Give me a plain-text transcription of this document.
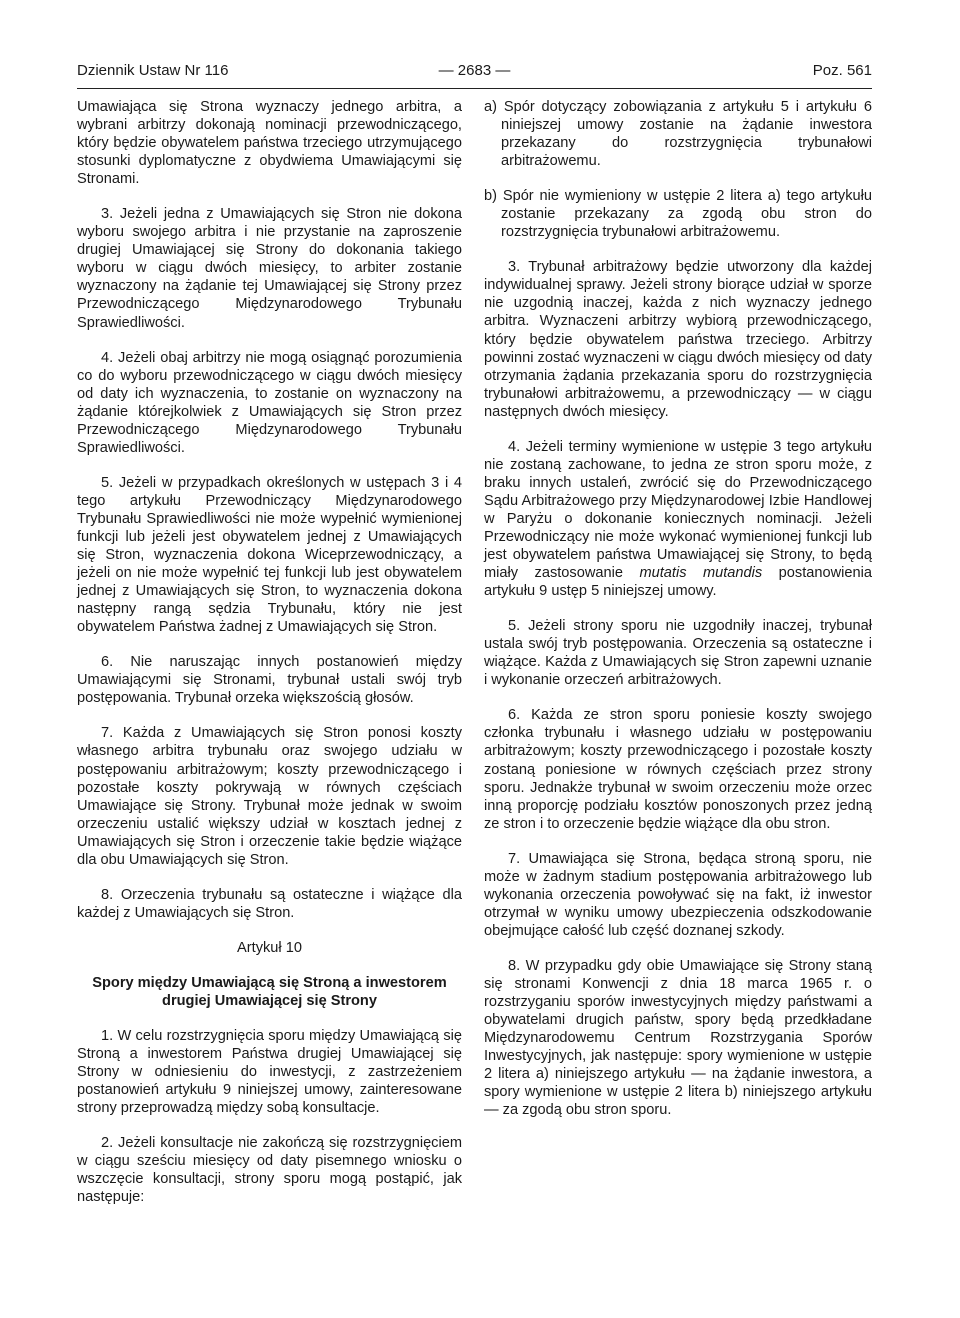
— 2683 —
Dziennik Ustaw Nr 116	Poz. 561

Umawiająca się Strona wyznaczy jednego arbitra, a wybrani arbitrzy dokonają nominacji przewodniczącego, który będzie obywatelem państwa trzeciego utrzymującego stosunki dyplomatyczne z obydwiema Umawiającymi się Stronami.

3. Jeżeli jedna z Umawiających się Stron nie dokona wyboru swojego arbitra i nie przystanie na zaproszenie drugiej Umawiającej się Strony do dokonania takiego wyboru w ciągu dwóch miesięcy, to arbiter zostanie wyznaczony na żądanie tej Umawiającej się Strony przez Przewodniczącego Międzynarodowego Trybunału Sprawiedliwości.

4. Jeżeli obaj arbitrzy nie mogą osiągnąć porozumienia co do wyboru przewodniczącego w ciągu dwóch miesięcy od daty ich wyznaczenia, to zostanie on wyznaczony na żądanie którejkolwiek z Umawiających się Stron przez Przewodniczącego Międzynarodowego Trybunału Sprawiedliwości.

5. Jeżeli w przypadkach określonych w ustępach 3 i 4 tego artykułu Przewodniczący Międzynarodowego Trybunału Sprawiedliwości nie może wypełnić wymienionej funkcji lub jeżeli jest obywatelem jednej z Umawiających się Stron, wyznaczenia dokona Wiceprzewodniczący, a jeżeli on nie może wypełnić tej funkcji lub jest obywatelem jednej z Umawiających się Stron, to wyznaczenia dokona następny rangą sędzia Trybunału, który nie jest obywatelem Państwa żadnej z Umawiających się Stron.

6. Nie naruszając innych postanowień między Umawiającymi się Stronami, trybunał ustali swój tryb postępowania. Trybunał orzeka większością głosów.

7. Każda z Umawiających się Stron ponosi koszty własnego arbitra trybunału oraz swojego udziału w postępowaniu arbitrażowym; koszty przewodniczącego i pozostałe koszty pokrywają w równych częściach Umawiające się Strony. Trybunał może jednak w swoim orzeczeniu ustalić większy udział w kosztach jednej z Umawiających się Stron i orzeczenie takie będzie wiążące dla obu Umawiających się Stron.

8. Orzeczenia trybunału są ostateczne i wiążące dla każdej z Umawiających się Stron.

Artykuł 10

Spory między Umawiającą się Stroną a inwestorem drugiej Umawiającej się Strony

1. W celu rozstrzygnięcia sporu między Umawiającą się Stroną a inwestorem Państwa drugiej Umawiającej się Strony w odniesieniu do inwestycji, z zastrzeżeniem postanowień artykułu 9 niniejszej umowy, zainteresowane strony przeprowadzą między sobą konsultacje.

2. Jeżeli konsultacje nie zakończą się rozstrzygnięciem w ciągu sześciu miesięcy od daty pisemnego wniosku o wszczęcie konsultacji, strony sporu mogą postąpić, jak następuje:

a) Spór dotyczący zobowiązania z artykułu 5 i artykułu 6 niniejszej umowy zostanie na żądanie inwestora przekazany do rozstrzygnięcia trybunałowi arbitrażowemu.

b) Spór nie wymieniony w ustępie 2 litera a) tego artykułu zostanie przekazany za zgodą obu stron do rozstrzygnięcia trybunałowi arbitrażowemu.

3. Trybunał arbitrażowy będzie utworzony dla każdej indywidualnej sprawy. Jeżeli strony biorące udział w sporze nie uzgodnią inaczej, każda z nich wyznaczy jednego arbitra. Wyznaczeni arbitrzy wybiorą przewodniczącego, który będzie obywatelem państwa trzeciego. Arbitrzy powinni zostać wyznaczeni w ciągu dwóch miesięcy od daty otrzymania żądania przekazania sporu do rozstrzygnięcia trybunałowi arbitrażowemu, a przewodniczący — w ciągu następnych dwóch miesięcy.

4. Jeżeli terminy wymienione w ustępie 3 tego artykułu nie zostaną zachowane, to jedna ze stron sporu może, z braku innych ustaleń, zwrócić się do Przewodniczącego Sądu Arbitrażowego przy Międzynarodowej Izbie Handlowej w Paryżu o dokonanie koniecznych nominacji. Jeżeli Przewodniczący nie może wykonać wymienionej funkcji lub jest obywatelem państwa Umawiającej się Strony, to będą miały zastosowanie mutatis mutandis postanowienia artykułu 9 ustęp 5 niniejszej umowy.

5. Jeżeli strony sporu nie uzgodniły inaczej, trybunał ustala swój tryb postępowania. Orzeczenia są ostateczne i wiążące. Każda z Umawiających się Stron zapewni uznanie i wykonanie orzeczeń arbitrażowych.

6. Każda ze stron sporu poniesie koszty swojego członka trybunału i własnego udziału w postępowaniu arbitrażowym; koszty przewodniczącego i pozostałe koszty zostaną poniesione w równych częściach przez strony sporu. Jednakże trybunał w swoim orzeczeniu może orzec inną proporcję podziału kosztów ponoszonych przez jedną ze stron i to orzeczenie będzie wiążące dla obu stron.

7. Umawiająca się Strona, będąca stroną sporu, nie może w żadnym stadium postępowania arbitrażowego lub wykonania orzeczenia powoływać się na fakt, iż inwestor otrzymał w wyniku umowy ubezpieczenia odszkodowanie obejmujące całość lub część doznanej szkody.

8. W przypadku gdy obie Umawiające się Strony staną się stronami Konwencji z dnia 18 marca 1965 r. o rozstrzyganiu sporów inwestycyjnych między państwami a obywatelami drugich państw, spory będą przedkładane Międzynarodowemu Centrum Rozstrzygania Sporów Inwestycyjnych, jak następuje: spory wymienione w ustępie 2 litera a) niniejszego artykułu — na żądanie inwestora, a spory wymienione w ustępie 2 litera b) niniejszego artykułu — za zgodą obu stron sporu.
